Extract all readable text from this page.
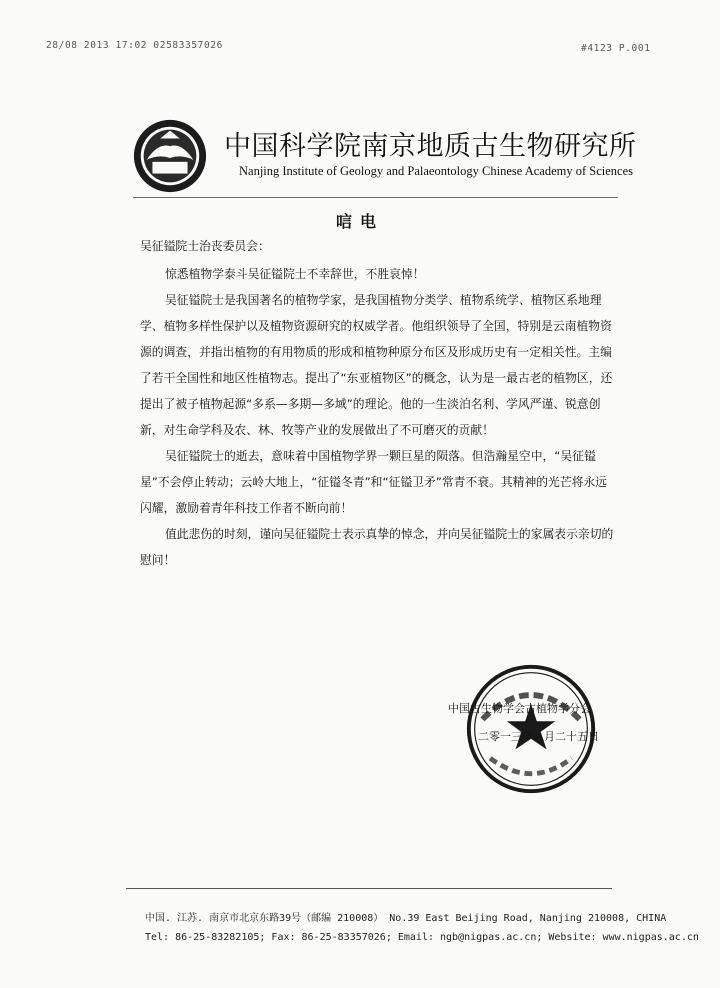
28/08 2013 17:02 02583357026	#4123 P.001
中国科学院南京地质古生物研究所
Nanjing Institute of Geology and Palaeontology Chinese Academy of Sciences
唁电

吴征镒院士治丧委员会：

惊悉植物学泰斗吴征镒院士不幸辞世，不胜哀悼！

吴征镒院士是我国著名的植物学家，是我国植物分类学、植物系统学、植物区系地理学、植物多样性保护以及植物资源研究的权威学者。他组织领导了全国，特别是云南植物资源的调查，并指出植物的有用物质的形成和植物种原分布区及形成历史有一定相关性。主编了若干全国性和地区性植物志。提出了“东亚植物区”的概念，认为是一最古老的植物区，还提出了被子植物起源“多系—多期—多域”的理论。他的一生淡泊名利、学风严谨、锐意创新，对生命学科及农、林、牧等产业的发展做出了不可磨灭的贡献！

吴征镒院士的逝去，意味着中国植物学界一颗巨星的陨落。但浩瀚星空中，“吴征镒星”不会停止转动；云岭大地上，“征镒冬青”和“征镒卫矛”常青不衰。其精神的光芒将永远闪耀，激励着青年科技工作者不断向前！

值此悲伤的时刻，谨向吴征镒院士表示真挚的悼念，并向吴征镒院士的家属表示亲切的慰问！

中国古生物学会古植物学分会
二零一三年八月二十五日
中国. 江苏. 南京市北京东路39号（邮编 210008） No.39 East Beijing Road, Nanjing 210008, CHINA
Tel: 86-25-83282105; Fax: 86-25-83357026; Email: ngb@nigpas.ac.cn; Website: www.nigpas.ac.cn
